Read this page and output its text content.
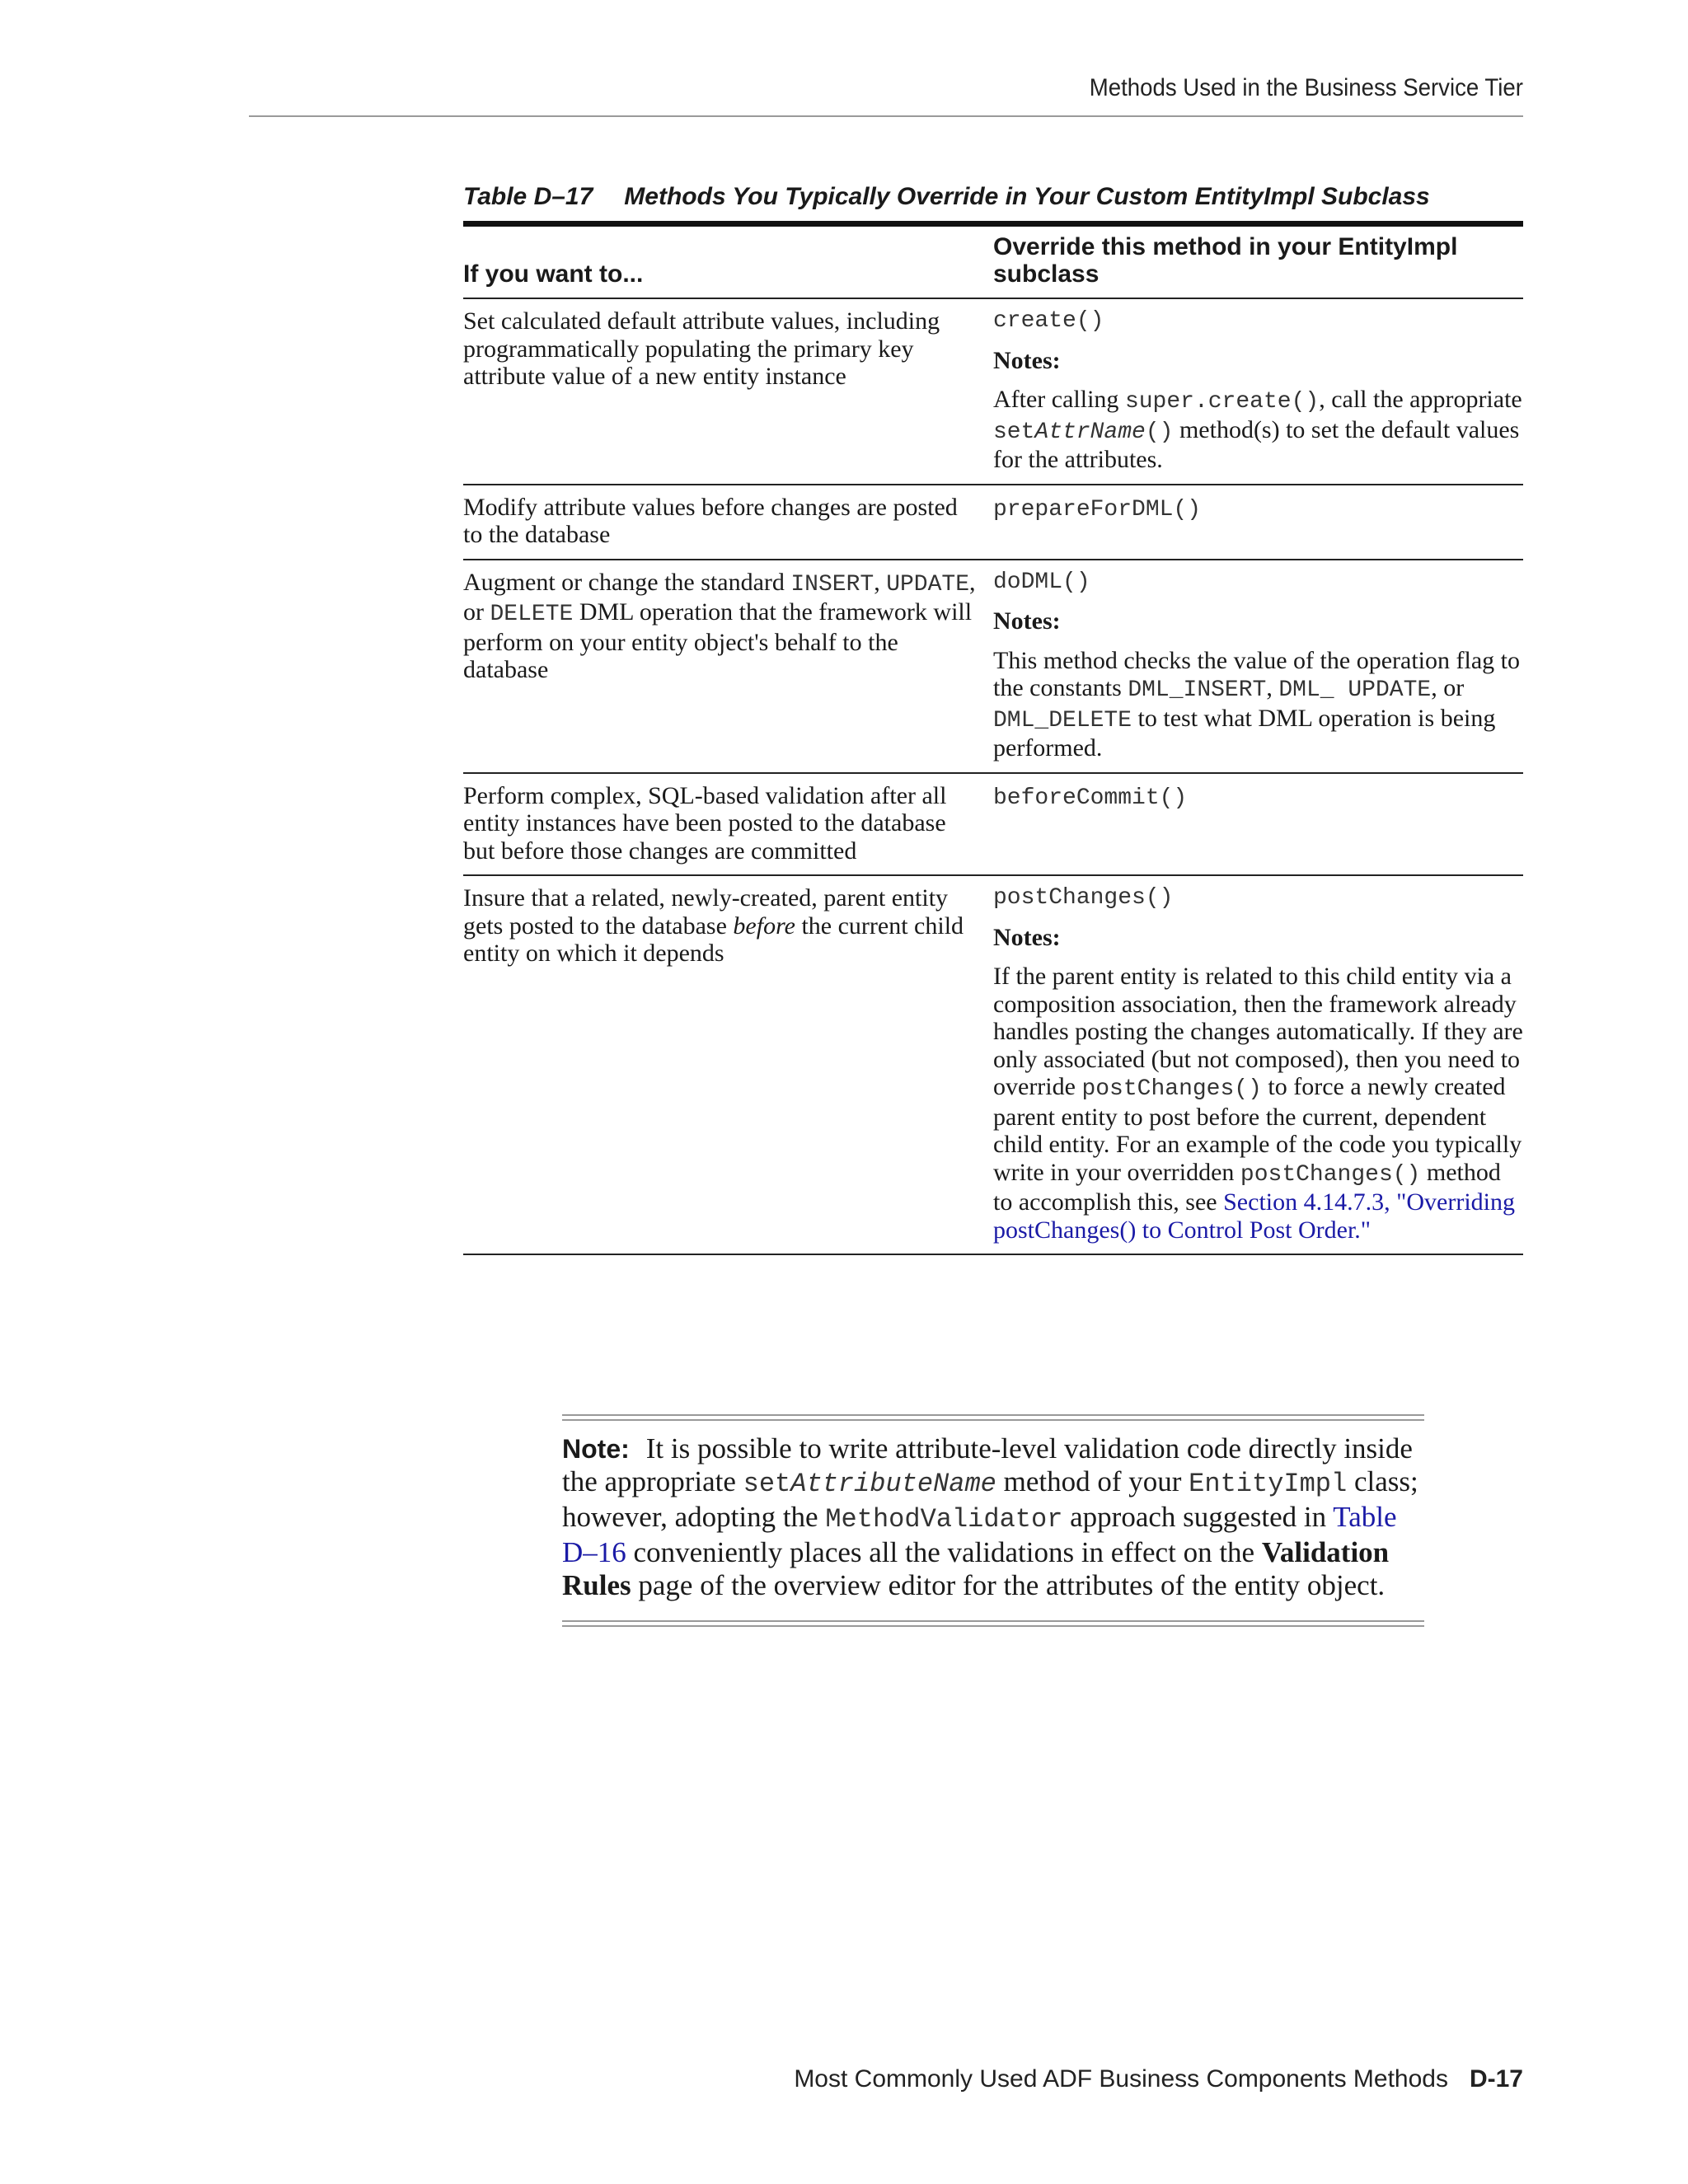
Methods Used in the Business Service Tier
Table D–17 Methods You Typically Override in Your Custom EntityImpl Subclass
If you want to...	Override this method in your EntityImpl subclass
Set calculated default attribute values, including programmatically populating the primary key attribute value of a new entity instance	create()
Notes:
After calling super.create(), call the appropriate setAttrName() method(s) to set the default values for the attributes.
Modify attribute values before changes are posted to the database	prepareForDML()
Augment or change the standard INSERT, UPDATE, or DELETE DML operation that the framework will perform on your entity object's behalf to the database	doDML()
Notes:
This method checks the value of the operation flag to the constants DML_INSERT, DML_ UPDATE, or DML_DELETE to test what DML operation is being performed.
Perform complex, SQL-based validation after all entity instances have been posted to the database but before those changes are committed	beforeCommit()
Insure that a related, newly-created, parent entity gets posted to the database before the current child entity on which it depends	postChanges()
Notes:
If the parent entity is related to this child entity via a composition association, then the framework already handles posting the changes automatically. If they are only associated (but not composed), then you need to override postChanges() to force a newly created parent entity to post before the current, dependent child entity. For an example of the code you typically write in your overridden postChanges() method to accomplish this, see Section 4.14.7.3, "Overriding postChanges() to Control Post Order."
Note: It is possible to write attribute-level validation code directly inside the appropriate setAttributeName method of your EntityImpl class; however, adopting the MethodValidator approach suggested in Table D–16 conveniently places all the validations in effect on the Validation Rules page of the overview editor for the attributes of the entity object.
Most Commonly Used ADF Business Components Methods D-17
